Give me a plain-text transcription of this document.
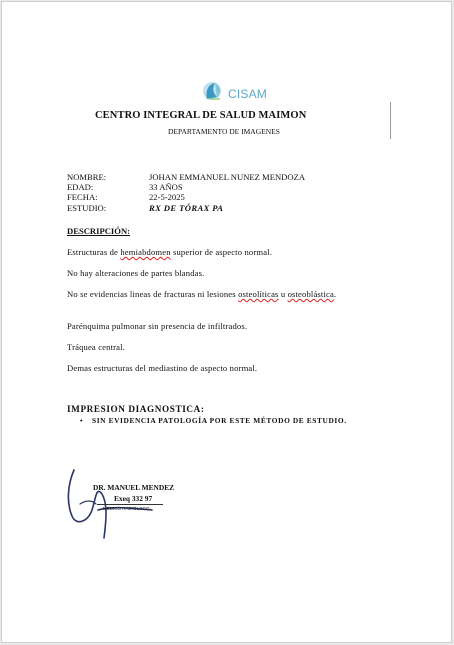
CISAM
CENTRO INTEGRAL DE SALUD MAIMON
DEPARTAMENTO DE IMAGENES
NOMBRE:	JOHAN EMMANUEL NUNEZ MENDOZA
EDAD:	33 AÑOS
FECHA:	22-5-2025
ESTUDIO:	RX DE TÓRAX PA
DESCRIPCIÓN:
Estructuras de hemiabdomen superior de aspecto normal.
No hay alteraciones de partes blandas.
No se evidencias lineas de fracturas ni lesiones osteolíticas u osteoblástica.
Parénquima pulmonar sin presencia de infiltrados.
Tráquea central.
Demas estructuras del mediastino de aspecto normal.
IMPRESION DIAGNOSTICA:
• SIN EVIDENCIA PATOLOGÍA POR ESTE MÉTODO DE ESTUDIO.
DR. MANUEL MENDEZ
Exeq 332 97
MÉDICO RADIÓLOGO
